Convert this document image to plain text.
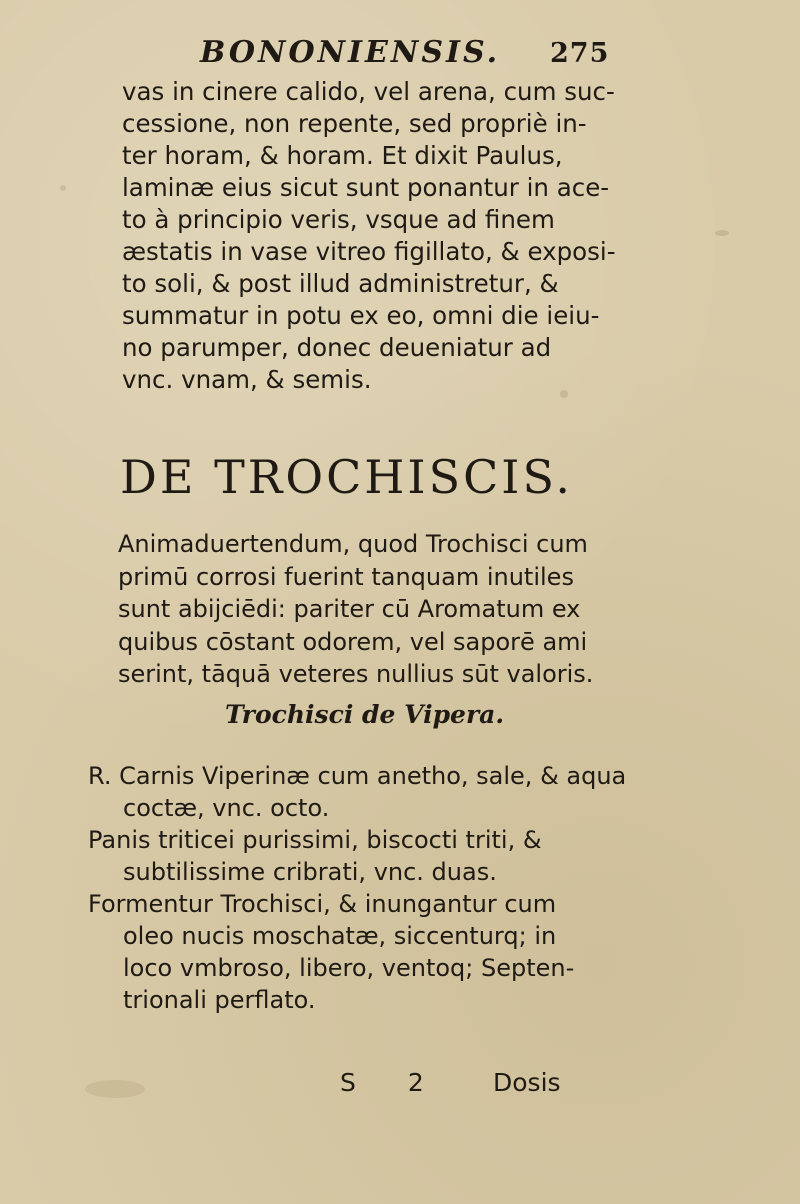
BONONIENSIS. 275
vas in cinere calido, vel arena, cum suc-
cessione, non repente, sed propriè in-
ter horam, & horam. Et dixit Paulus,
laminæ eius sicut sunt ponantur in ace-
to à principio veris, vsque ad finem
æstatis in vase vitreo figillato, & exposi-
to soli, & post illud administretur, &
summatur in potu ex eo, omni die ieiu-
no parumper, donec deueniatur ad
vnc. vnam, & semis.
DE TROCHISCIS.
Animaduertendum, quod Trochisci cum
primū corrosi fuerint tanquam inutiles
sunt abijciēdi: pariter cū Aromatum ex
quibus cōstant odorem, vel saporē ami
serint, tāquā veteres nullius sūt valoris.
Trochisci de Vipera.
R. Carnis Viperinæ cum anetho, sale, & aqua
coctæ, vnc. octo.
Panis triticei purissimi, biscocti triti, &
subtilissime cribrati, vnc. duas.
Formentur Trochisci, & inungantur cum
oleo nucis moschatæ, siccenturq; in
loco vmbroso, libero, ventoq; Septen-
trionali perflato.
S 2 Dosis
